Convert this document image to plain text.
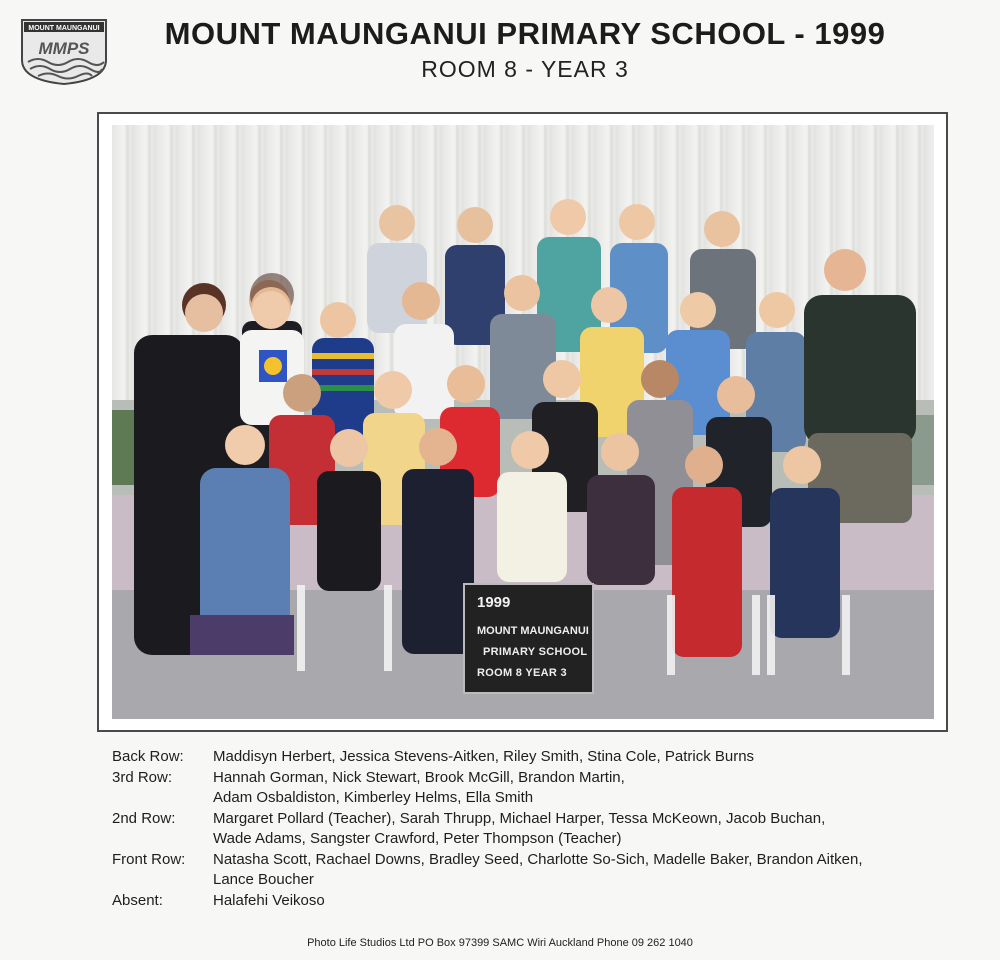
MOUNT MAUNGANUI
MMPS	MOUNT MAUNGANUI PRIMARY SCHOOL - 1999
ROOM 8 - YEAR 3
1999
MOUNT MAUNGANUI
PRIMARY SCHOOL
ROOM 8 YEAR 3
Back Row:	Maddisyn Herbert, Jessica Stevens-Aitken, Riley Smith, Stina Cole, Patrick Burns
3rd Row:	Hannah Gorman, Nick Stewart, Brook McGill, Brandon Martin,
Adam Osbaldiston, Kimberley Helms, Ella Smith
2nd Row:	Margaret Pollard (Teacher), Sarah Thrupp, Michael Harper, Tessa McKeown, Jacob Buchan,
Wade Adams, Sangster Crawford, Peter Thompson (Teacher)
Front Row:	Natasha Scott, Rachael Downs, Bradley Seed, Charlotte So-Sich, Madelle Baker, Brandon Aitken,
Lance Boucher
Absent:	Halafehi Veikoso
Photo Life Studios Ltd PO Box 97399 SAMC Wiri Auckland Phone 09 262 1040
